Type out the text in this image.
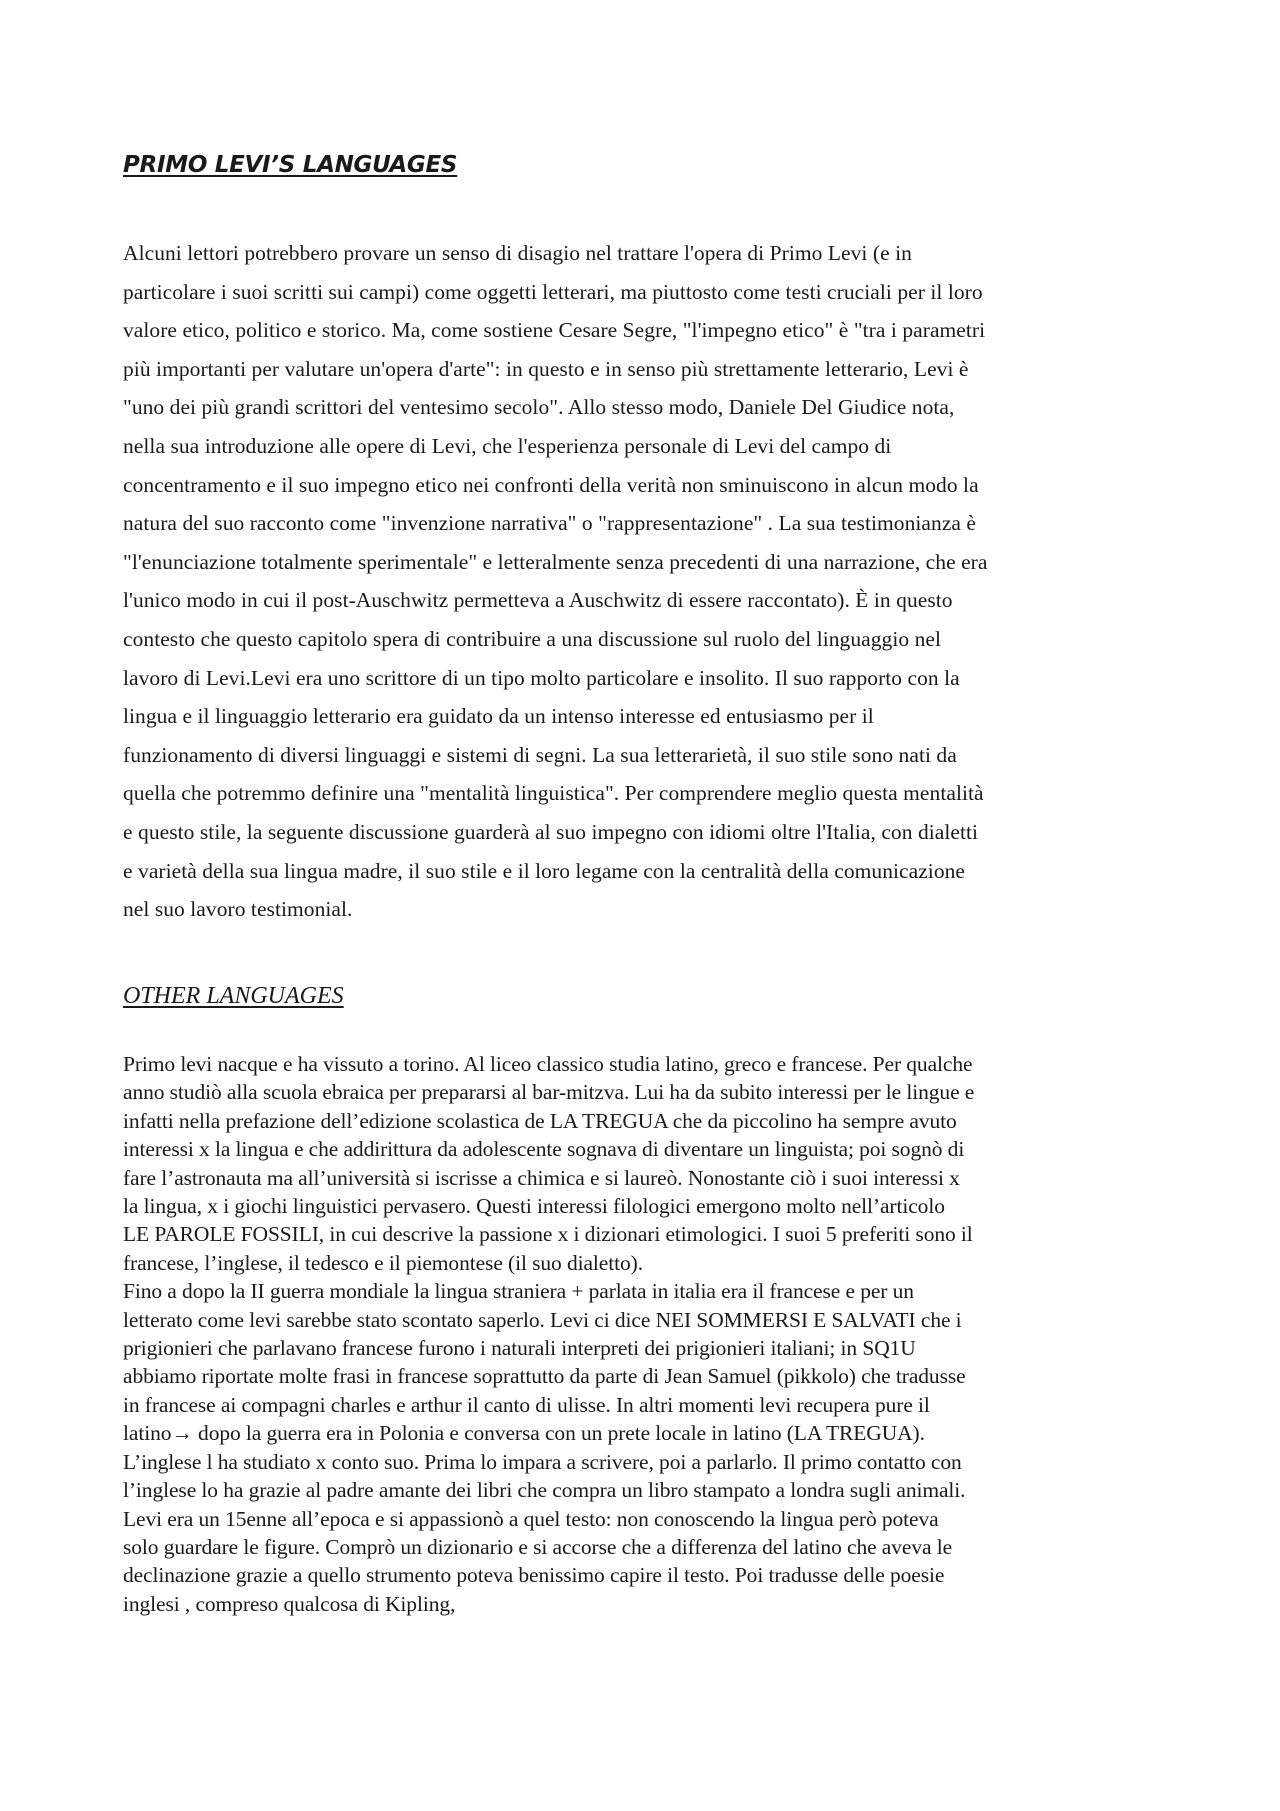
PRIMO LEVI’S LANGUAGES
Alcuni lettori potrebbero provare un senso di disagio nel trattare l'opera di Primo Levi (e in
particolare i suoi scritti sui campi) come oggetti letterari, ma piuttosto come testi cruciali per il loro
valore etico, politico e storico. Ma, come sostiene Cesare Segre, "l'impegno etico" è "tra i parametri
più importanti per valutare un'opera d'arte": in questo e in senso più strettamente letterario, Levi è
"uno dei più grandi scrittori del ventesimo secolo". Allo stesso modo, Daniele Del Giudice nota,
nella sua introduzione alle opere di Levi, che l'esperienza personale di Levi del campo di
concentramento e il suo impegno etico nei confronti della verità non sminuiscono in alcun modo la
natura del suo racconto come "invenzione narrativa" o "rappresentazione" . La sua testimonianza è
"l'enunciazione totalmente sperimentale" e letteralmente senza precedenti di una narrazione, che era
l'unico modo in cui il post-Auschwitz permetteva a Auschwitz di essere raccontato). È in questo
contesto che questo capitolo spera di contribuire a una discussione sul ruolo del linguaggio nel
lavoro di Levi.Levi era uno scrittore di un tipo molto particolare e insolito. Il suo rapporto con la
lingua e il linguaggio letterario era guidato da un intenso interesse ed entusiasmo per il
funzionamento di diversi linguaggi e sistemi di segni. La sua letterarietà, il suo stile sono nati da
quella che potremmo definire una "mentalità linguistica". Per comprendere meglio questa mentalità
e questo stile, la seguente discussione guarderà al suo impegno con idiomi oltre l'Italia, con dialetti
e varietà della sua lingua madre, il suo stile e il loro legame con la centralità della comunicazione
nel suo lavoro testimonial.
OTHER LANGUAGES
Primo levi nacque e ha vissuto a torino. Al liceo classico studia latino, greco e francese. Per qualche
anno studiò alla scuola ebraica per prepararsi al bar-mitzva. Lui ha da subito interessi per le lingue e
infatti nella prefazione dell’edizione scolastica de LA TREGUA che da piccolino ha sempre avuto
interessi x la lingua e che addirittura da adolescente sognava di diventare un linguista; poi sognò di
fare l’astronauta ma all’università si iscrisse a chimica e si laureò. Nonostante ciò i suoi interessi x
la lingua, x i giochi linguistici pervasero. Questi interessi filologici emergono molto nell’articolo
LE PAROLE FOSSILI, in cui descrive la passione x i dizionari etimologici. I suoi 5 preferiti sono il
francese, l’inglese, il tedesco e il piemontese (il suo dialetto).
Fino a dopo la II guerra mondiale la lingua straniera + parlata in italia era il francese e per un
letterato come levi sarebbe stato scontato saperlo. Levi ci dice NEI SOMMERSI E SALVATI che i
prigionieri che parlavano francese furono i naturali interpreti dei prigionieri italiani; in SQ1U
abbiamo riportate molte frasi in francese soprattutto da parte di Jean Samuel (pikkolo) che tradusse
in francese ai compagni charles e arthur il canto di ulisse. In altri momenti levi recupera pure il
latino→ dopo la guerra era in Polonia e conversa con un prete locale in latino (LA TREGUA).
L’inglese l ha studiato x conto suo. Prima lo impara a scrivere, poi a parlarlo. Il primo contatto con
l’inglese lo ha grazie al padre amante dei libri che compra un libro stampato a londra sugli animali.
Levi era un 15enne all’epoca e si appassionò a quel testo: non conoscendo la lingua però poteva
solo guardare le figure. Comprò un dizionario e si accorse che a differenza del latino che aveva le
declinazione grazie a quello strumento poteva benissimo capire il testo. Poi tradusse delle poesie
inglesi , compreso qualcosa di Kipling,
